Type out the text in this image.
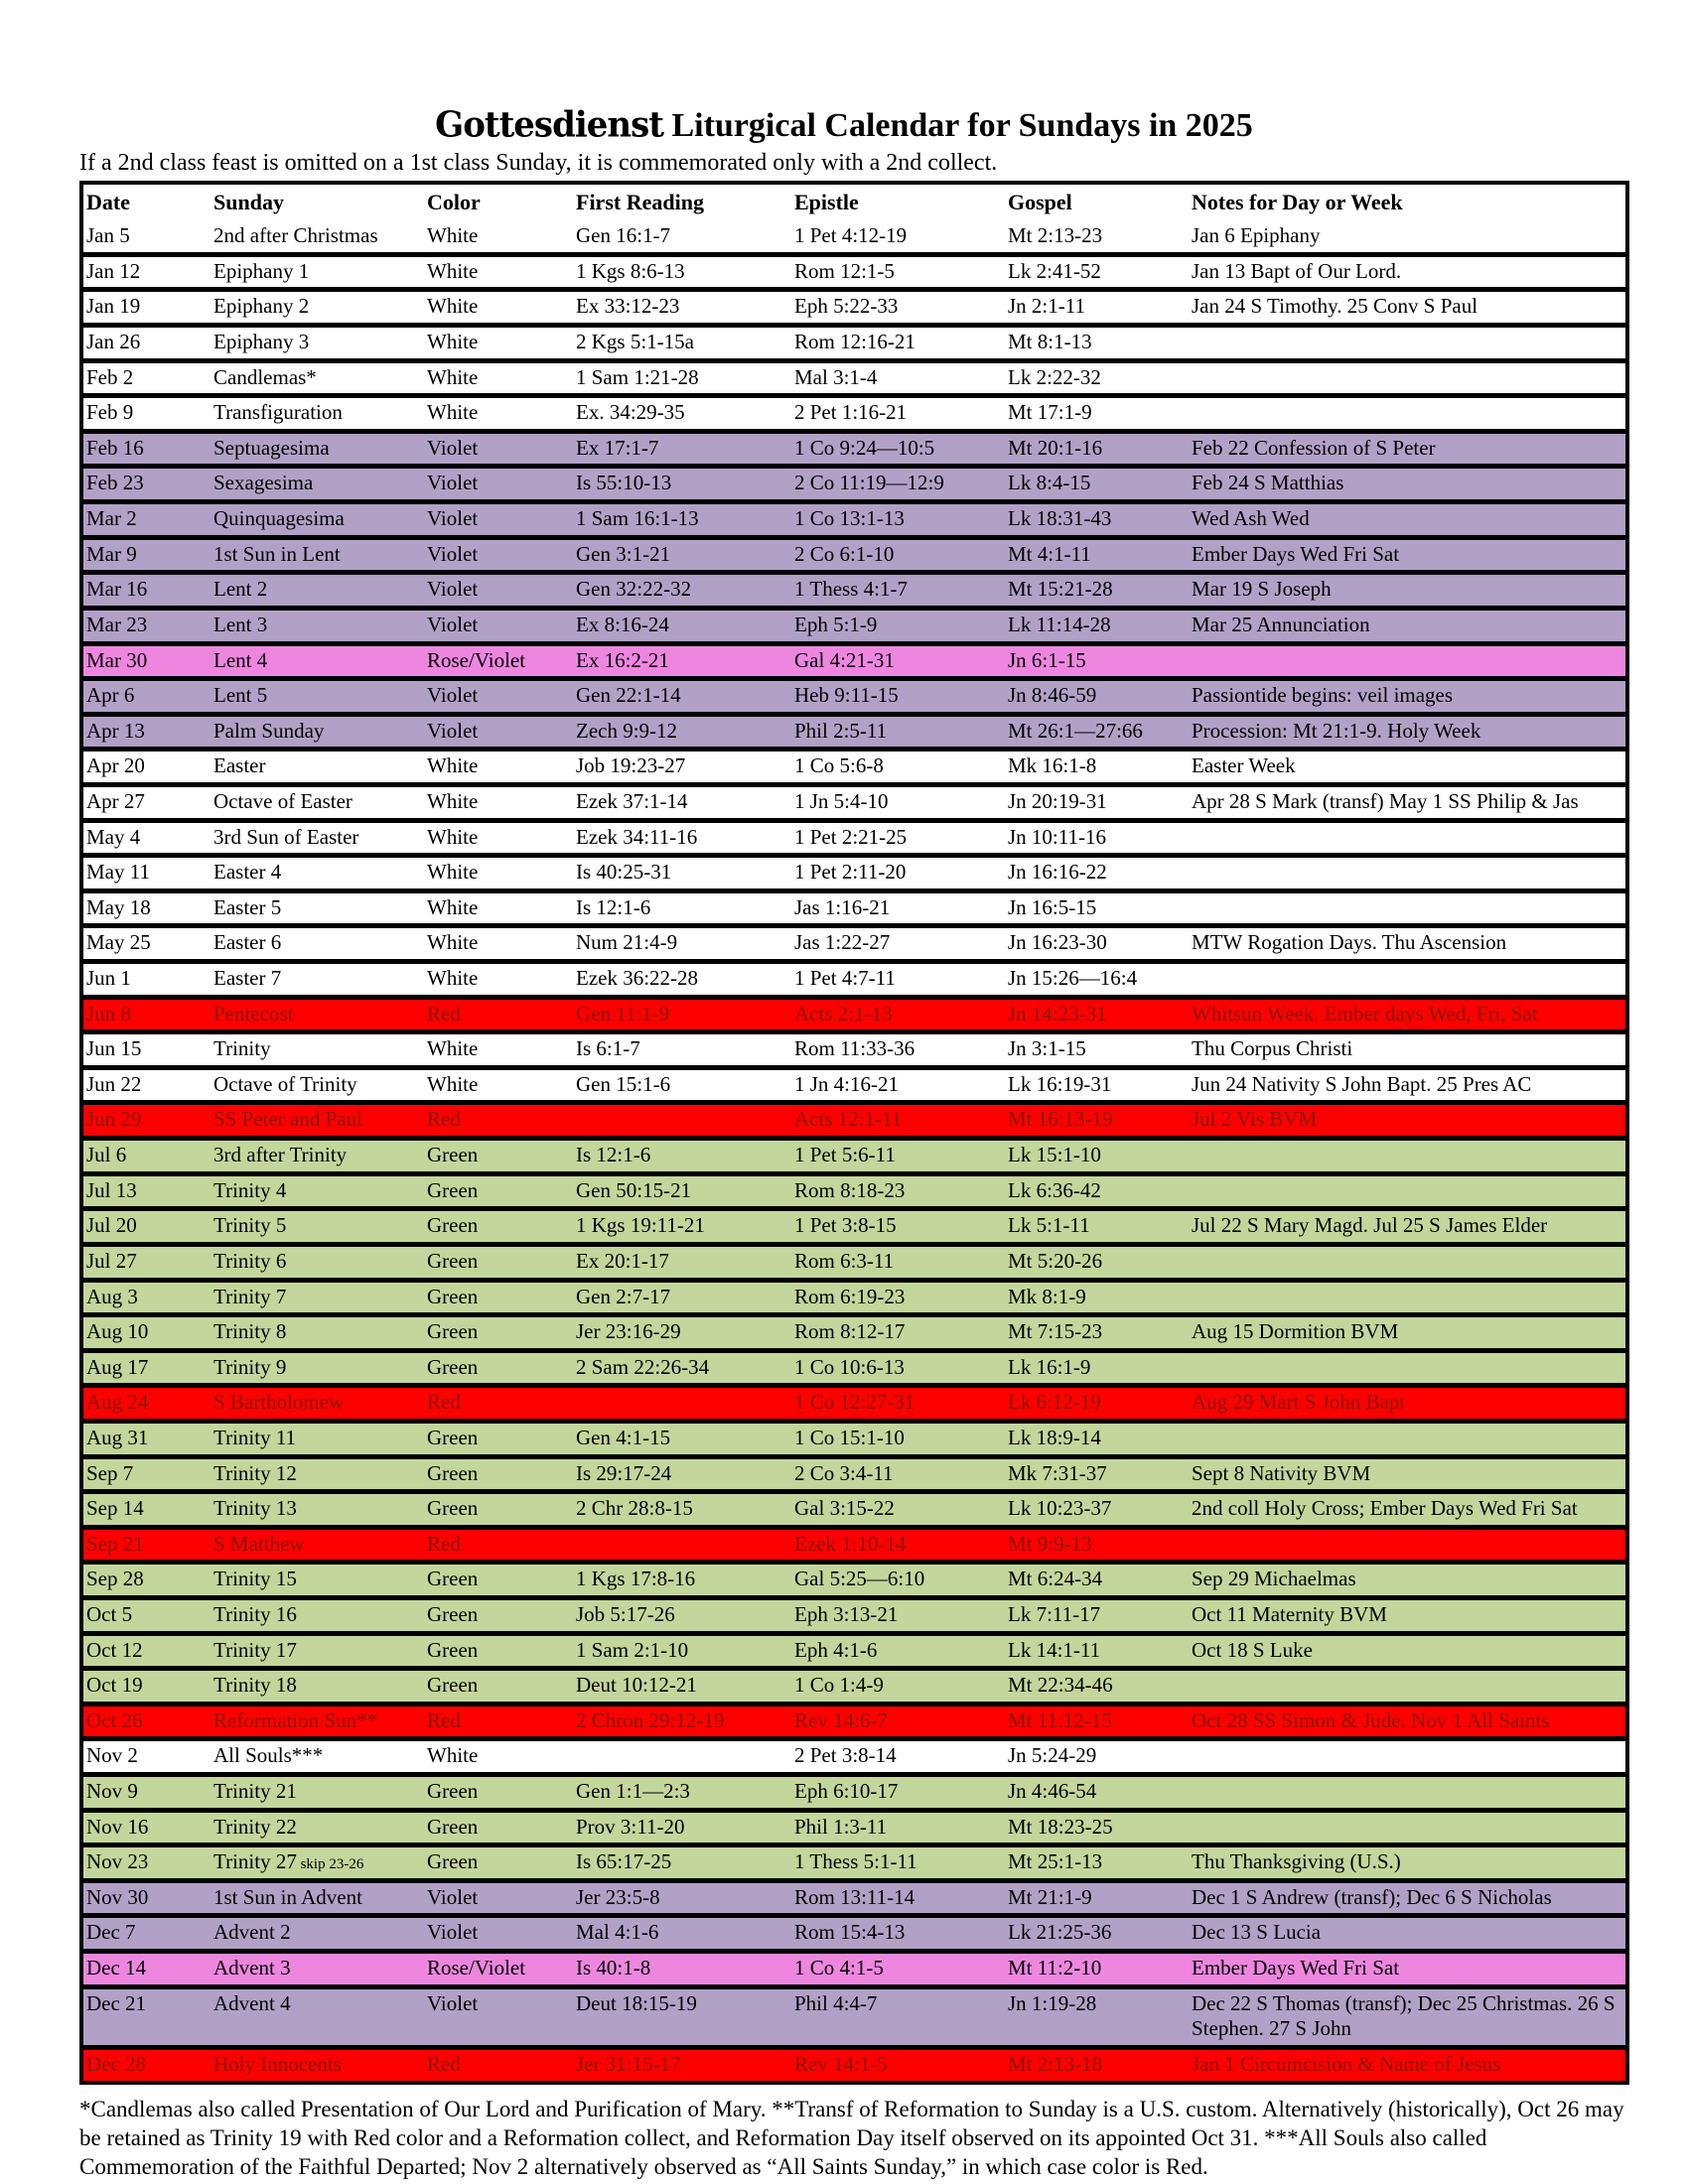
Gottesdienst Liturgical Calendar for Sundays in 2025
If a 2nd class feast is omitted on a 1st class Sunday, it is commemorated only with a 2nd collect.
Date	Sunday	Color	First Reading	Epistle	Gospel	Notes for Day or Week
Jan 5	2nd after Christmas	White	Gen 16:1-7	1 Pet 4:12-19	Mt 2:13-23	Jan 6 Epiphany
Jan 12	Epiphany 1	White	1 Kgs 8:6-13	Rom 12:1-5	Lk 2:41-52	Jan 13 Bapt of Our Lord.
Jan 19	Epiphany 2	White	Ex 33:12-23	Eph 5:22-33	Jn 2:1-11	Jan 24 S Timothy. 25 Conv S Paul
Jan 26	Epiphany 3	White	2 Kgs 5:1-15a	Rom 12:16-21	Mt 8:1-13	
Feb 2	Candlemas*	White	1 Sam 1:21-28	Mal 3:1-4	Lk 2:22-32	
Feb 9	Transfiguration	White	Ex. 34:29-35	2 Pet 1:16-21	Mt 17:1-9	
Feb 16	Septuagesima	Violet	Ex 17:1-7	1 Co 9:24—10:5	Mt 20:1-16	Feb 22 Confession of S Peter
Feb 23	Sexagesima	Violet	Is 55:10-13	2 Co 11:19—12:9	Lk 8:4-15	Feb 24 S Matthias
Mar 2	Quinquagesima	Violet	1 Sam 16:1-13	1 Co 13:1-13	Lk 18:31-43	Wed Ash Wed
Mar 9	1st Sun in Lent	Violet	Gen 3:1-21	2 Co 6:1-10	Mt 4:1-11	Ember Days Wed Fri Sat
Mar 16	Lent 2	Violet	Gen 32:22-32	1 Thess 4:1-7	Mt 15:21-28	Mar 19 S Joseph
Mar 23	Lent 3	Violet	Ex 8:16-24	Eph 5:1-9	Lk 11:14-28	Mar 25 Annunciation
Mar 30	Lent 4	Rose/Violet	Ex 16:2-21	Gal 4:21-31	Jn 6:1-15	
Apr 6	Lent 5	Violet	Gen 22:1-14	Heb 9:11-15	Jn 8:46-59	Passiontide begins: veil images
Apr 13	Palm Sunday	Violet	Zech 9:9-12	Phil 2:5-11	Mt 26:1—27:66	Procession: Mt 21:1-9. Holy Week
Apr 20	Easter	White	Job 19:23-27	1 Co 5:6-8	Mk 16:1-8	Easter Week
Apr 27	Octave of Easter	White	Ezek 37:1-14	1 Jn 5:4-10	Jn 20:19-31	Apr 28 S Mark (transf) May 1 SS Philip & Jas
May 4	3rd Sun of Easter	White	Ezek 34:11-16	1 Pet 2:21-25	Jn 10:11-16	
May 11	Easter 4	White	Is 40:25-31	1 Pet 2:11-20	Jn 16:16-22	
May 18	Easter 5	White	Is 12:1-6	Jas 1:16-21	Jn 16:5-15	
May 25	Easter 6	White	Num 21:4-9	Jas 1:22-27	Jn 16:23-30	MTW Rogation Days. Thu Ascension
Jun 1	Easter 7	White	Ezek 36:22-28	1 Pet 4:7-11	Jn 15:26—16:4	
Jun 8	Pentecost	Red	Gen 11:1-9	Acts 2:1-13	Jn 14:23-31	Whitsun Week. Ember days Wed, Fri, Sat
Jun 15	Trinity	White	Is 6:1-7	Rom 11:33-36	Jn 3:1-15	Thu Corpus Christi
Jun 22	Octave of Trinity	White	Gen 15:1-6	1 Jn 4:16-21	Lk 16:19-31	Jun 24 Nativity S John Bapt. 25 Pres AC
Jun 29	SS Peter and Paul	Red		Acts 12:1-11	Mt 16:13-19	Jul 2 Vis BVM
Jul 6	3rd after Trinity	Green	Is 12:1-6	1 Pet 5:6-11	Lk 15:1-10	
Jul 13	Trinity 4	Green	Gen 50:15-21	Rom 8:18-23	Lk 6:36-42	
Jul 20	Trinity 5	Green	1 Kgs 19:11-21	1 Pet 3:8-15	Lk 5:1-11	Jul 22 S Mary Magd. Jul 25 S James Elder
Jul 27	Trinity 6	Green	Ex 20:1-17	Rom 6:3-11	Mt 5:20-26	
Aug 3	Trinity 7	Green	Gen 2:7-17	Rom 6:19-23	Mk 8:1-9	
Aug 10	Trinity 8	Green	Jer 23:16-29	Rom 8:12-17	Mt 7:15-23	Aug 15 Dormition BVM
Aug 17	Trinity 9	Green	2 Sam 22:26-34	1 Co 10:6-13	Lk 16:1-9	
Aug 24	S Bartholomew	Red		1 Co 12:27-31	Lk 6:12-19	Aug 29 Mart S John Bapt
Aug 31	Trinity 11	Green	Gen 4:1-15	1 Co 15:1-10	Lk 18:9-14	
Sep 7	Trinity 12	Green	Is 29:17-24	2 Co 3:4-11	Mk 7:31-37	Sept 8 Nativity BVM
Sep 14	Trinity 13	Green	2 Chr 28:8-15	Gal 3:15-22	Lk 10:23-37	2nd coll Holy Cross; Ember Days Wed Fri Sat
Sep 21	S Matthew	Red		Ezek 1:10-14	Mt 9:9-13	
Sep 28	Trinity 15	Green	1 Kgs 17:8-16	Gal 5:25—6:10	Mt 6:24-34	Sep 29 Michaelmas
Oct 5	Trinity 16	Green	Job 5:17-26	Eph 3:13-21	Lk 7:11-17	Oct 11 Maternity BVM
Oct 12	Trinity 17	Green	1 Sam 2:1-10	Eph 4:1-6	Lk 14:1-11	Oct 18 S Luke
Oct 19	Trinity 18	Green	Deut 10:12-21	1 Co 1:4-9	Mt 22:34-46	
Oct 26	Reformation Sun**	Red	2 Chron 29:12-19	Rev 14:6-7	Mt 11:12-15	Oct 28 SS Simon & Jude. Nov 1 All Saints
Nov 2	All Souls***	White		2 Pet 3:8-14	Jn 5:24-29	
Nov 9	Trinity 21	Green	Gen 1:1—2:3	Eph 6:10-17	Jn 4:46-54	
Nov 16	Trinity 22	Green	Prov 3:11-20	Phil 1:3-11	Mt 18:23-25	
Nov 23	Trinity 27 skip 23-26	Green	Is 65:17-25	1 Thess 5:1-11	Mt 25:1-13	Thu Thanksgiving (U.S.)
Nov 30	1st Sun in Advent	Violet	Jer 23:5-8	Rom 13:11-14	Mt 21:1-9	Dec 1 S Andrew (transf); Dec 6 S Nicholas
Dec 7	Advent 2	Violet	Mal 4:1-6	Rom 15:4-13	Lk 21:25-36	Dec 13 S Lucia
Dec 14	Advent 3	Rose/Violet	Is 40:1-8	1 Co 4:1-5	Mt 11:2-10	Ember Days Wed Fri Sat
Dec 21	Advent 4	Violet	Deut 18:15-19	Phil 4:4-7	Jn 1:19-28	Dec 22 S Thomas (transf); Dec 25 Christmas. 26 S Stephen. 27 S John
Dec 28	Holy Innocents	Red	Jer 31:15-17	Rev 14:1-5	Mt 2:13-18	Jan 1 Circumcision & Name of Jesus
*Candlemas also called Presentation of Our Lord and Purification of Mary. **Transf of Reformation to Sunday is a U.S. custom. Alternatively (historically), Oct 26 may be retained as Trinity 19 with Red color and a Reformation collect, and Reformation Day itself observed on its appointed Oct 31. ***All Souls also called Commemoration of the Faithful Departed; Nov 2 alternatively observed as “All Saints Sunday,” in which case color is Red.
